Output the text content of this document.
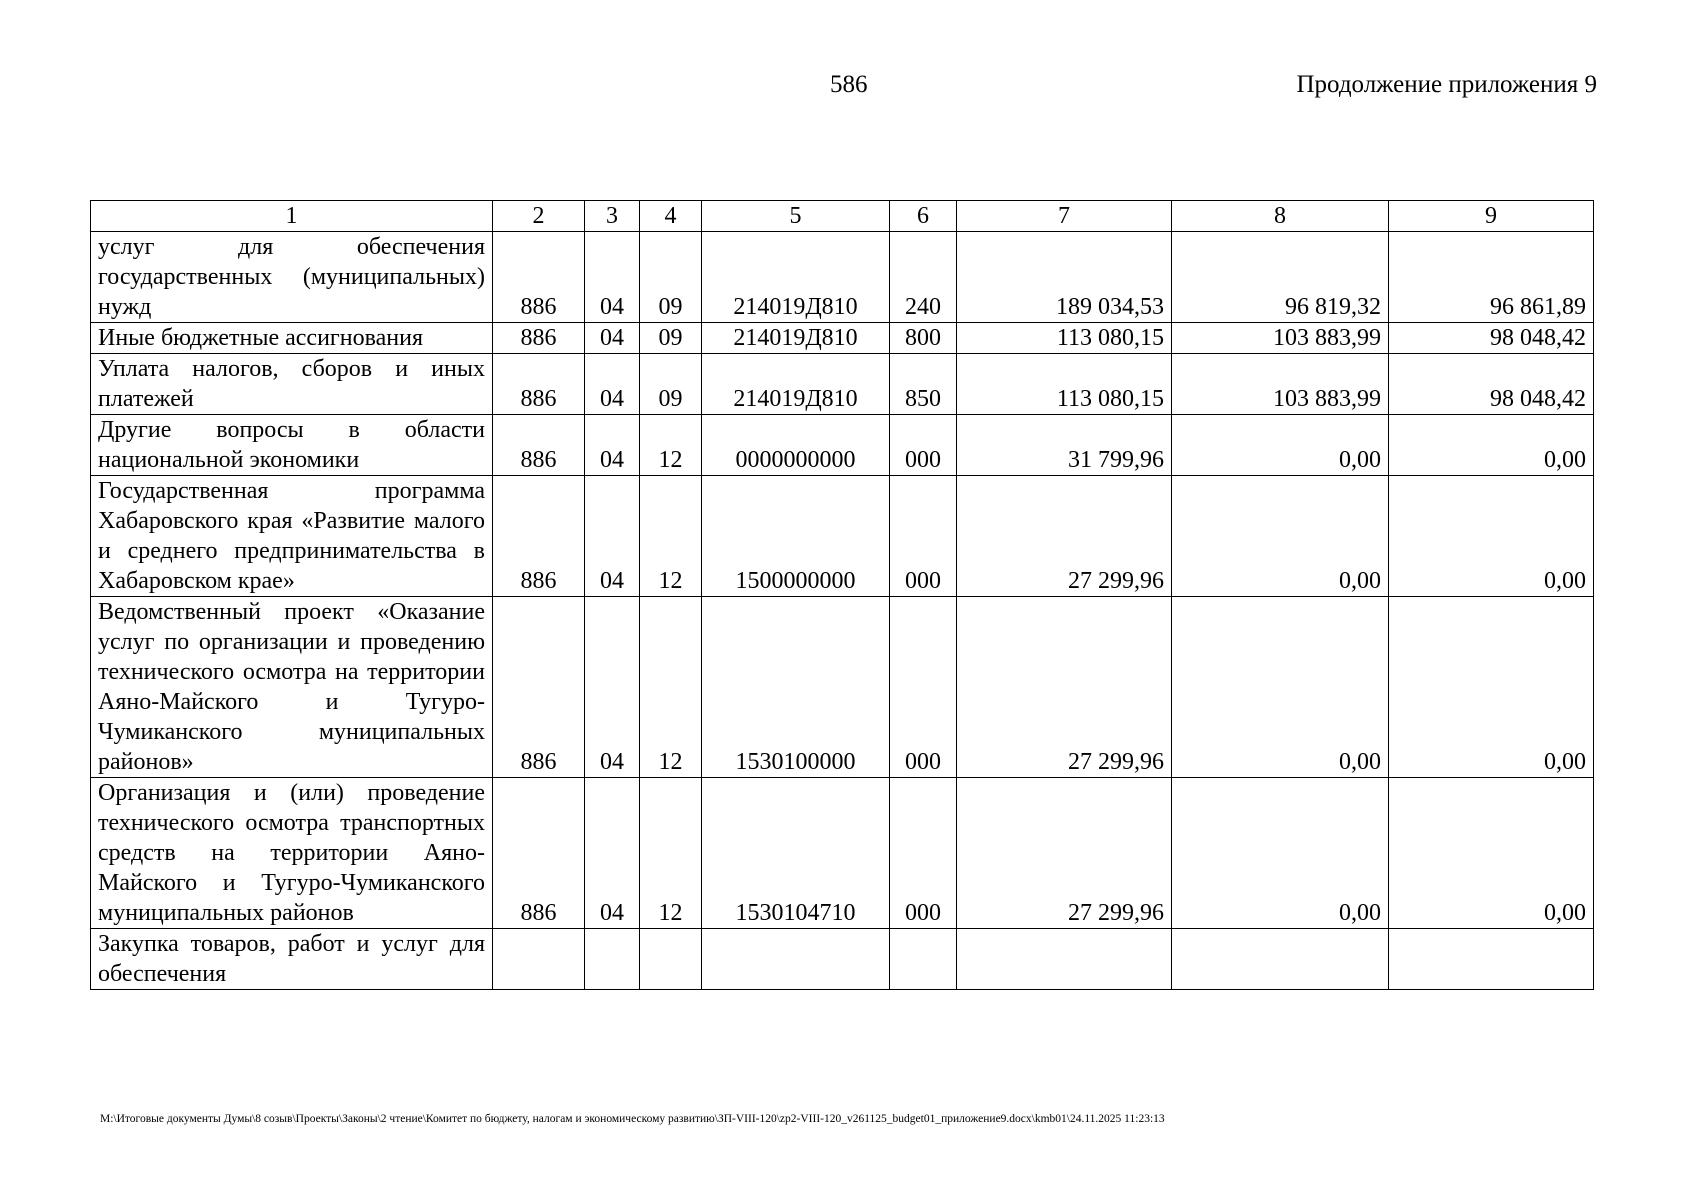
586	Продолжение приложения 9
1	2	3	4	5	6	7	8	9
услуг для обеспечения государственных (муниципальных) нужд	886	04	09	214019Д810	240	189 034,53	96 819,32	96 861,89
Иные бюджетные ассигнования	886	04	09	214019Д810	800	113 080,15	103 883,99	98 048,42
Уплата налогов, сборов и иных платежей	886	04	09	214019Д810	850	113 080,15	103 883,99	98 048,42
Другие вопросы в области национальной экономики	886	04	12	0000000000	000	31 799,96	0,00	0,00
Государственная программа Хабаровского края «Развитие малого и среднего предпринимательства в Хабаровском крае»	886	04	12	1500000000	000	27 299,96	0,00	0,00
Ведомственный проект «Оказание услуг по организации и проведению технического осмотра на территории Аяно-Майского и Тугуро-Чумиканского муниципальных районов»	886	04	12	1530100000	000	27 299,96	0,00	0,00
Организация и (или) проведение технического осмотра транспортных средств на территории Аяно-Майского и Тугуро-Чумиканского муниципальных районов	886	04	12	1530104710	000	27 299,96	0,00	0,00
Закупка товаров, работ и услуг для обеспечения								
M:\Итоговые документы Думы\8 созыв\Проекты\Законы\2 чтение\Комитет по бюджету, налогам и экономическому развитию\ЗП-VIII-120\zp2-VIII-120_v261125_budget01_приложение9.docx\kmb01\24.11.2025 11:23:13
